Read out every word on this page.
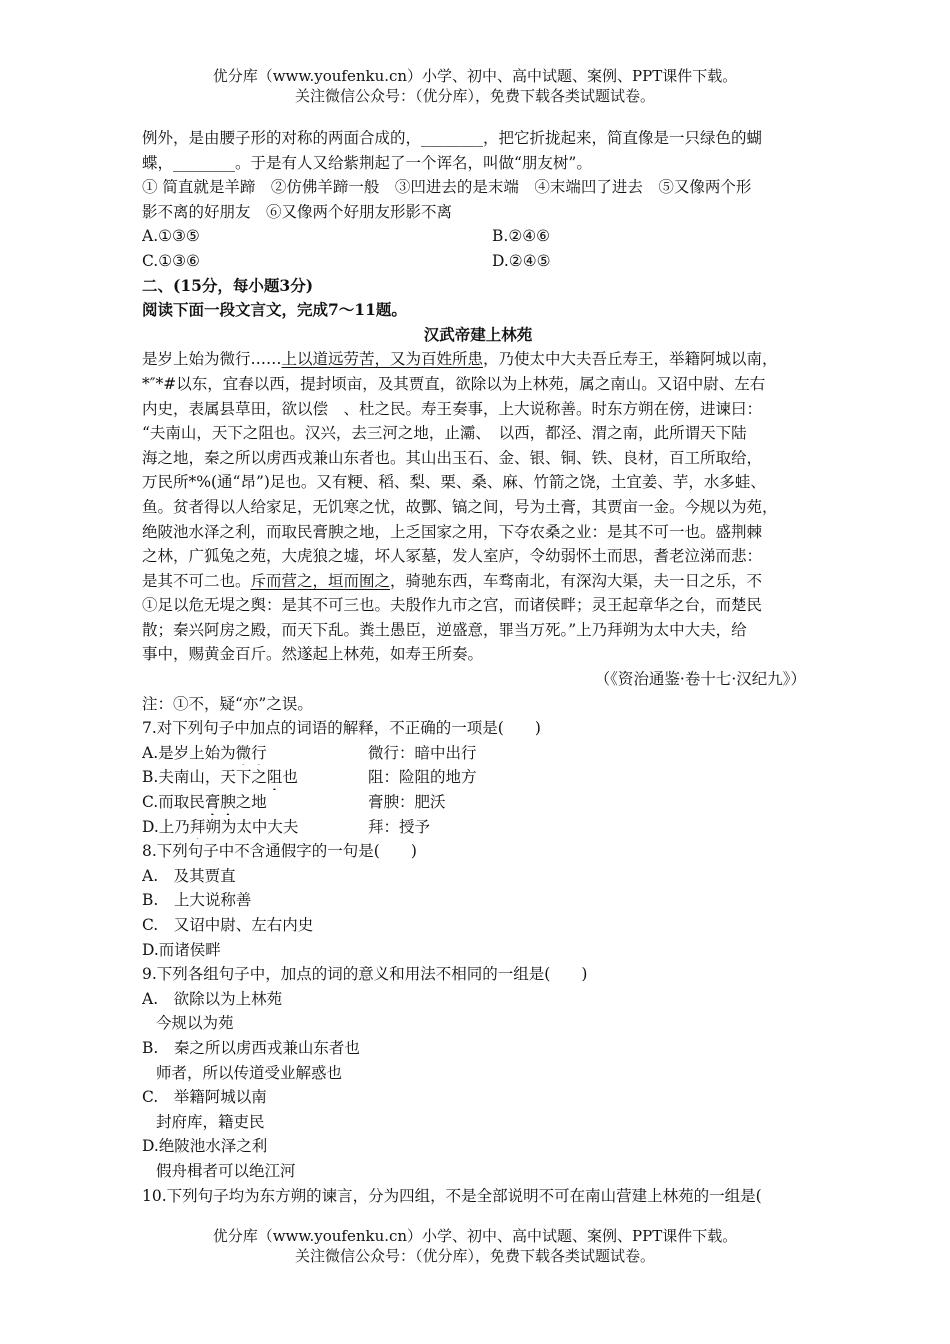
优分库（www.youfenku.cn）小学、初中、高中试题、案例、PPT课件下载。
关注微信公众号：（优分库），免费下载各类试题试卷。
例外，是由腰子形的对称的两面合成的，________，把它折拢起来，简直像是一只绿色的蝴
蝶，________。于是有人又给紫荆起了一个诨名，叫做“朋友树”。
① 简直就是羊蹄　②仿佛羊蹄一般　③凹进去的是末端　④末端凹了进去　⑤又像两个形
影不离的好朋友　⑥又像两个好朋友形影不离
A.①③⑤	B.②④⑥
C.①③⑥	D.②④⑤
二、(15分，每小题3分)
阅读下面一段文言文，完成7～11题。
汉武帝建上林苑
是岁上始为微行……上以道远劳苦，又为百姓所患，乃使太中大夫吾丘寿王，举籍阿城以南，
*″*#以东，宜春以西，提封顷亩，及其贾直，欲除以为上林苑，属之南山。又诏中尉、左右
内史，表属县草田，欲以偿　、杜之民。寿王奏事，上大说称善。时东方朔在傍，进谏曰：
“夫南山，天下之阻也。汉兴，去三河之地，止灞、　以西，都泾、渭之南，此所谓天下陆
海之地，秦之所以虏西戎兼山东者也。其山出玉石、金、银、铜、铁、良材，百工所取给，
万民所*%(通“昂”)足也。又有粳、稻、梨、栗、桑、麻、竹箭之饶，土宜姜、芋，水多蛙、
鱼。贫者得以人给家足，无饥寒之忧，故酆、镐之间，号为土膏，其贾亩一金。今规以为苑，
绝陂池水泽之利，而取民膏腴之地，上乏国家之用，下夺农桑之业：是其不可一也。盛荆棘
之林，广狐兔之苑，大虎狼之墟，坏人冢墓，发人室庐，令幼弱怀土而思，耆老泣涕而悲：
是其不可二也。斥而营之，垣而囿之，骑驰东西，车骛南北，有深沟大渠，夫一日之乐，不
①足以危无堤之舆：是其不可三也。夫殷作九市之宫，而诸侯畔；灵王起章华之台，而楚民
散；秦兴阿房之殿，而天下乱。粪土愚臣，逆盛意，罪当万死。”上乃拜朔为太中大夫，给
事中，赐黄金百斤。然遂起上林苑，如寿王所奏。
（《资治通鉴·卷十七·汉纪九》）
注：①不，疑“亦”之误。
7.对下列句子中加点的词语的解释，不正确的一项是(　　)
A.是岁上始为微行	微行：暗中出行
B.夫南山，天下之阻也	阻：险阻的地方
C.而取民膏腴之地	膏腴：肥沃
D.上乃拜朔为太中大夫	拜：授予
8.下列句子中不含通假字的一句是(　　)
A.　及其贾直
B.　上大说称善
C.　又诏中尉、左右内史
D.而诸侯畔
9.下列各组句子中，加点的词的意义和用法不相同的一组是(　　)
A.　欲除以为上林苑
今规以为苑
B.　秦之所以虏西戎兼山东者也
师者，所以传道受业解惑也
C.　举籍阿城以南
封府库，籍吏民
D.绝陂池水泽之利
假舟楫者可以绝江河
10.下列句子均为东方朔的谏言，分为四组，不是全部说明不可在南山营建上林苑的一组是(
优分库（www.youfenku.cn）小学、初中、高中试题、案例、PPT课件下载。
关注微信公众号：（优分库），免费下载各类试题试卷。
